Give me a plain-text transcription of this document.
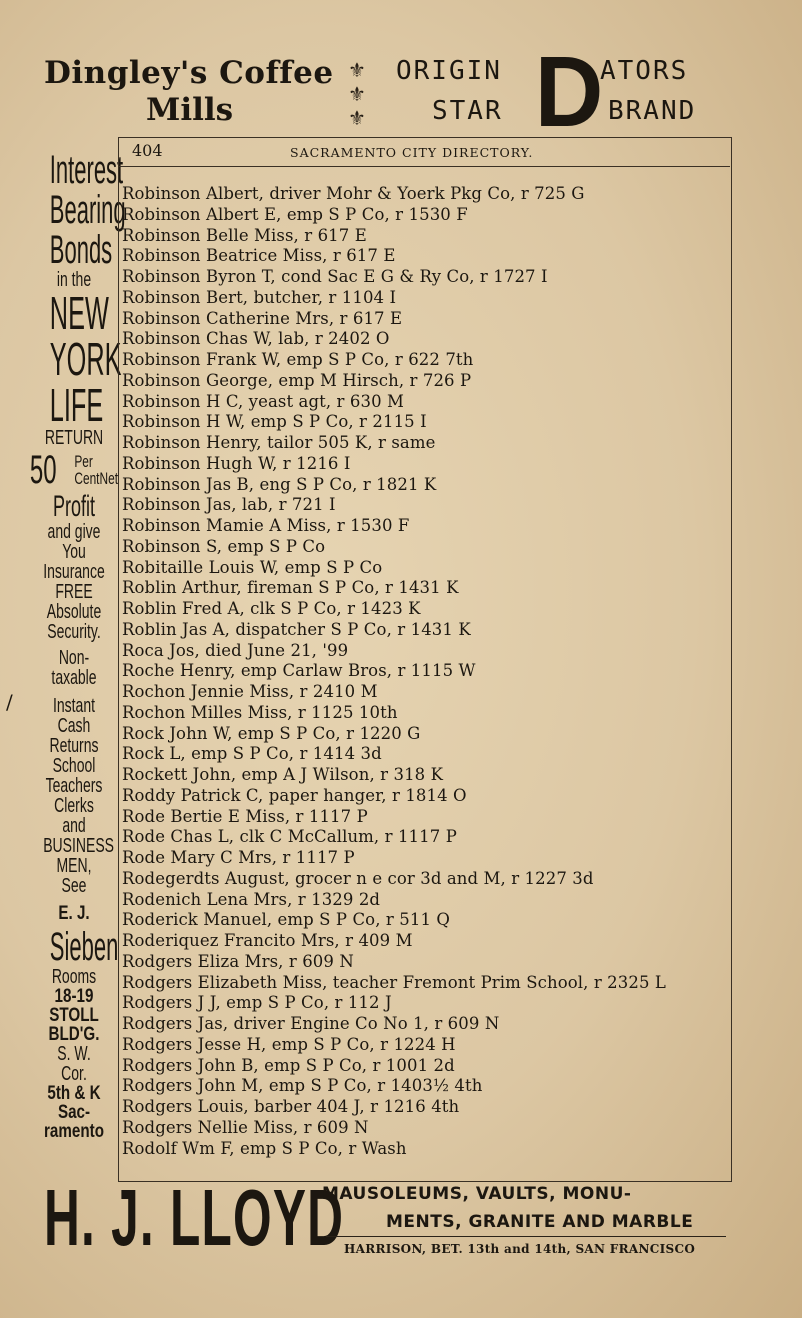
Dingley's Coffee
Mills
⚜
⚜
⚜
ORIGIN
STAR D
ATORS
BRAND
Interest
Bearing
Bonds
in the
NEW
YORK
LIFE
RETURN
50 Per
CentNet
Profit
and give
You
Insurance
FREE
Absolute
Security.
Non-taxable
Instant Cash
Returns
School
Teachers
Clerks and
BUSINESS
MEN, See
E. J.
Sieben
Rooms
18-19
STOLL
BLD'G.
S. W. Cor.
5th & K
Sac-
ramento
/
404	SACRAMENTO CITY DIRECTORY.
Robinson Albert, driver Mohr & Yoerk Pkg Co, r 725 G
Robinson Albert E, emp S P Co, r 1530 F
Robinson Belle Miss, r 617 E
Robinson Beatrice Miss, r 617 E
Robinson Byron T, cond Sac E G & Ry Co, r 1727 I
Robinson Bert, butcher, r 1104 I
Robinson Catherine Mrs, r 617 E
Robinson Chas W, lab, r 2402 O
Robinson Frank W, emp S P Co, r 622 7th
Robinson George, emp M Hirsch, r 726 P
Robinson H C, yeast agt, r 630 M
Robinson H W, emp S P Co, r 2115 I
Robinson Henry, tailor 505 K, r same
Robinson Hugh W, r 1216 I
Robinson Jas B, eng S P Co, r 1821 K
Robinson Jas, lab, r 721 I
Robinson Mamie A Miss, r 1530 F
Robinson S, emp S P Co
Robitaille Louis W, emp S P Co
Roblin Arthur, fireman S P Co, r 1431 K
Roblin Fred A, clk S P Co, r 1423 K
Roblin Jas A, dispatcher S P Co, r 1431 K
Roca Jos, died June 21, '99
Roche Henry, emp Carlaw Bros, r 1115 W
Rochon Jennie Miss, r 2410 M
Rochon Milles Miss, r 1125 10th
Rock John W, emp S P Co, r 1220 G
Rock L, emp S P Co, r 1414 3d
Rockett John, emp A J Wilson, r 318 K
Roddy Patrick C, paper hanger, r 1814 O
Rode Bertie E Miss, r 1117 P
Rode Chas L, clk C McCallum, r 1117 P
Rode Mary C Mrs, r 1117 P
Rodegerdts August, grocer n e cor 3d and M, r 1227 3d
Rodenich Lena Mrs, r 1329 2d
Roderick Manuel, emp S P Co, r 511 Q
Roderiquez Francito Mrs, r 409 M
Rodgers Eliza Mrs, r 609 N
Rodgers Elizabeth Miss, teacher Fremont Prim School, r 2325 L
Rodgers J J, emp S P Co, r 112 J
Rodgers Jas, driver Engine Co No 1, r 609 N
Rodgers Jesse H, emp S P Co, r 1224 H
Rodgers John B, emp S P Co, r 1001 2d
Rodgers John M, emp S P Co, r 1403½ 4th
Rodgers Louis, barber 404 J, r 1216 4th
Rodgers Nellie Miss, r 609 N
Rodolf Wm F, emp S P Co, r Wash
H. J. LLOYD
MAUSOLEUMS, VAULTS, MONU-
MENTS, GRANITE AND MARBLE
HARRISON, BET. 13th and 14th, SAN FRANCISCO
